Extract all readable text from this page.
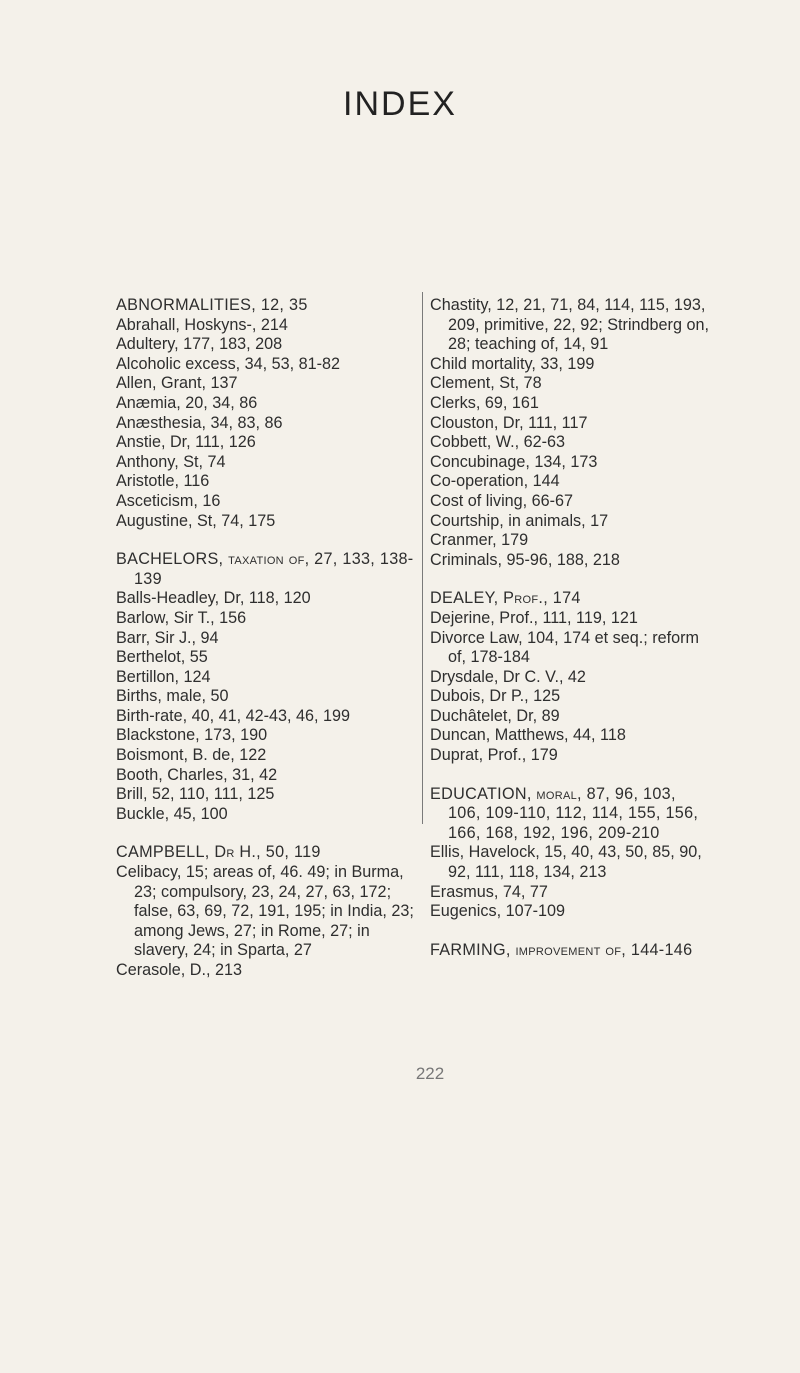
INDEX
ABNORMALITIES, 12, 35
Abrahall, Hoskyns-, 214
Adultery, 177, 183, 208
Alcoholic excess, 34, 53, 81-82
Allen, Grant, 137
Anæmia, 20, 34, 86
Anæsthesia, 34, 83, 86
Anstie, Dr, 111, 126
Anthony, St, 74
Aristotle, 116
Asceticism, 16
Augustine, St, 74, 175
BACHELORS, taxation of, 27, 133, 138-139
Balls-Headley, Dr, 118, 120
Barlow, Sir T., 156
Barr, Sir J., 94
Berthelot, 55
Bertillon, 124
Births, male, 50
Birth-rate, 40, 41, 42-43, 46, 199
Blackstone, 173, 190
Boismont, B. de, 122
Booth, Charles, 31, 42
Brill, 52, 110, 111, 125
Buckle, 45, 100
CAMPBELL, Dr H., 50, 119
Celibacy, 15; areas of, 46. 49; in Burma, 23; compulsory, 23, 24, 27, 63, 172; false, 63, 69, 72, 191, 195; in India, 23; among Jews, 27; in Rome, 27; in slavery, 24; in Sparta, 27
Cerasole, D., 213
Chastity, 12, 21, 71, 84, 114, 115, 193, 209, primitive, 22, 92; Strindberg on, 28; teaching of, 14, 91
Child mortality, 33, 199
Clement, St, 78
Clerks, 69, 161
Clouston, Dr, 111, 117
Cobbett, W., 62-63
Concubinage, 134, 173
Co-operation, 144
Cost of living, 66-67
Courtship, in animals, 17
Cranmer, 179
Criminals, 95-96, 188, 218
DEALEY, Prof., 174
Dejerine, Prof., 111, 119, 121
Divorce Law, 104, 174 et seq.; reform of, 178-184
Drysdale, Dr C. V., 42
Dubois, Dr P., 125
Duchâtelet, Dr, 89
Duncan, Matthews, 44, 118
Duprat, Prof., 179
EDUCATION, moral, 87, 96, 103, 106, 109-110, 112, 114, 155, 156, 166, 168, 192, 196, 209-210
Ellis, Havelock, 15, 40, 43, 50, 85, 90, 92, 111, 118, 134, 213
Erasmus, 74, 77
Eugenics, 107-109
FARMING, improvement of, 144-146
222
